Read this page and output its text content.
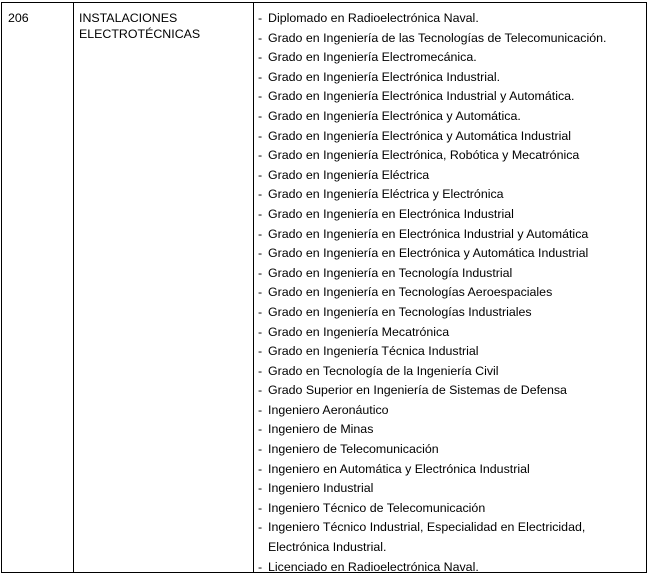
206	INSTALACIONES
ELECTROTÉCNICAS
- Diplomado en Radioelectrónica Naval.
- Grado en Ingeniería de las Tecnologías de Telecomunicación.
- Grado en Ingeniería Electromecánica.
- Grado en Ingeniería Electrónica Industrial.
- Grado en Ingeniería Electrónica Industrial y Automática.
- Grado en Ingeniería Electrónica y Automática.
- Grado en Ingeniería Electrónica y Automática Industrial
- Grado en Ingeniería Electrónica, Robótica y Mecatrónica
- Grado en Ingeniería Eléctrica
- Grado en Ingeniería Eléctrica y Electrónica
- Grado en Ingeniería en Electrónica Industrial
- Grado en Ingeniería en Electrónica Industrial y Automática
- Grado en Ingeniería en Electrónica y Automática Industrial
- Grado en Ingeniería en Tecnología Industrial
- Grado en Ingeniería en Tecnologías Aeroespaciales
- Grado en Ingeniería en Tecnologías Industriales
- Grado en Ingeniería Mecatrónica
- Grado en Ingeniería Técnica Industrial
- Grado en Tecnología de la Ingeniería Civil
- Grado Superior en Ingeniería de Sistemas de Defensa
- Ingeniero Aeronáutico
- Ingeniero de Minas
- Ingeniero de Telecomunicación
- Ingeniero en Automática y Electrónica Industrial
- Ingeniero Industrial
- Ingeniero Técnico de Telecomunicación
- Ingeniero Técnico Industrial, Especialidad en Electricidad, Electrónica Industrial.
- Licenciado en Radioelectrónica Naval.
